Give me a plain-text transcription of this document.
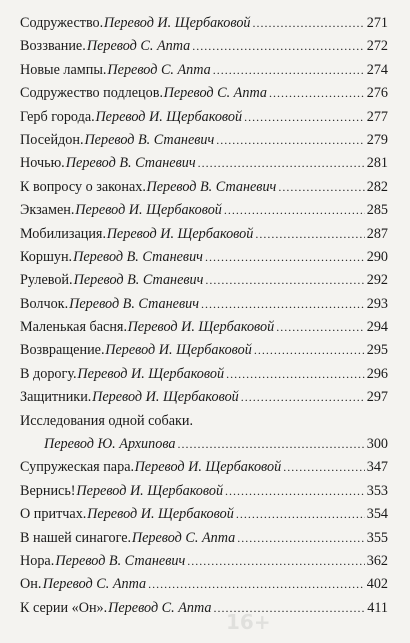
16+
Содружество. Перевод И. Щербаковой .....	271
Воззвание. Перевод С. Апта .....	272
Новые лампы. Перевод С. Апта .....	274
Содружество подлецов. Перевод С. Апта .....	276
Герб города. Перевод И. Щербаковой .....	277
Посейдон. Перевод В. Станевич .....	279
Ночью. Перевод В. Станевич .....	281
К вопросу о законах. Перевод В. Станевич .....	282
Экзамен. Перевод И. Щербаковой .....	285
Мобилизация. Перевод И. Щербаковой .....	287
Коршун. Перевод В. Станевич .....	290
Рулевой. Перевод В. Станевич .....	292
Волчок. Перевод В. Станевич .....	293
Маленькая басня. Перевод И. Щербаковой .....	294
Возвращение. Перевод И. Щербаковой .....	295
В дорогу. Перевод И. Щербаковой .....	296
Защитники. Перевод И. Щербаковой .....	297
Исследования одной собаки.
Перевод Ю. Архипова .....	300
Супружеская пара. Перевод И. Щербаковой .....	347
Вернись! Перевод И. Щербаковой .....	353
О притчах. Перевод И. Щербаковой .....	354
В нашей синагоге. Перевод С. Апта .....	355
Нора. Перевод В. Станевич .....	362
Он. Перевод С. Апта .....	402
К серии «Он». Перевод С. Апта .....	411
